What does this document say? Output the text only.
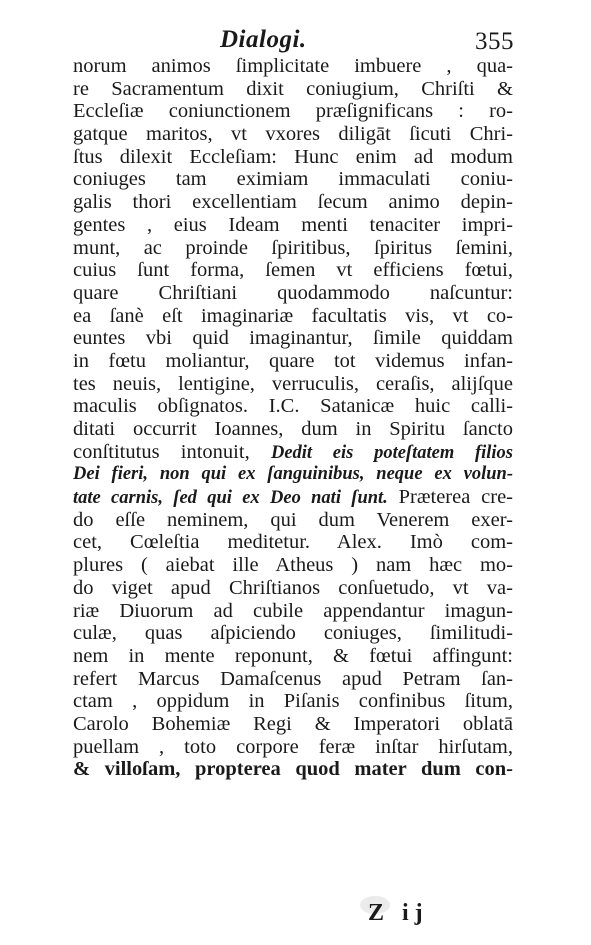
Dialogi.	355
norum animos ſimplicitate imbuere , qua-
re Sacramentum dixit coniugium, Chriſti &
Eccleſiæ coniunctionem præſignificans : ro-
gatque maritos, vt vxores diligāt ſicuti Chri-
ſtus dilexit Eccleſiam: Hunc enim ad modum
coniuges tam eximiam immaculati coniu-
galis thori excellentiam ſecum animo depin-
gentes , eius Ideam menti tenaciter impri-
munt, ac proinde ſpiritibus, ſpiritus ſemini,
cuius ſunt forma, ſemen vt efficiens fœtui,
quare Chriſtiani quodammodo naſcuntur:
ea ſanè eſt imaginariæ facultatis vis, vt co-
euntes vbi quid imaginantur, ſimile quiddam
in fœtu moliantur, quare tot videmus infan-
tes neuis, lentigine, verruculis, ceraſis, alijſque
maculis obſignatos. I.C. Satanicæ huic calli-
ditati occurrit Ioannes, dum in Spiritu ſancto
conſtitutus intonuit, Dedit eis poteſtatem filios
Dei fieri, non qui ex ſanguinibus, neque ex volun-
tate carnis, ſed qui ex Deo nati ſunt. Præterea cre-
do eſſe neminem, qui dum Venerem exer-
cet, Cœleſtia meditetur. Alex. Imò com-
plures ( aiebat ille Atheus ) nam hæc mo-
do viget apud Chriſtianos conſuetudo, vt va-
riæ Diuorum ad cubile appendantur imagun-
culæ, quas aſpiciendo coniuges, ſimilitudi-
nem in mente reponunt, & fœtui affingunt:
refert Marcus Damaſcenus apud Petram ſan-
ctam , oppidum in Piſanis confinibus ſitum,
Carolo Bohemiæ Regi & Imperatori oblatā
puellam , toto corpore feræ inſtar hirſutam,
& villoſam, propterea quod mater dum con-
Z ij
